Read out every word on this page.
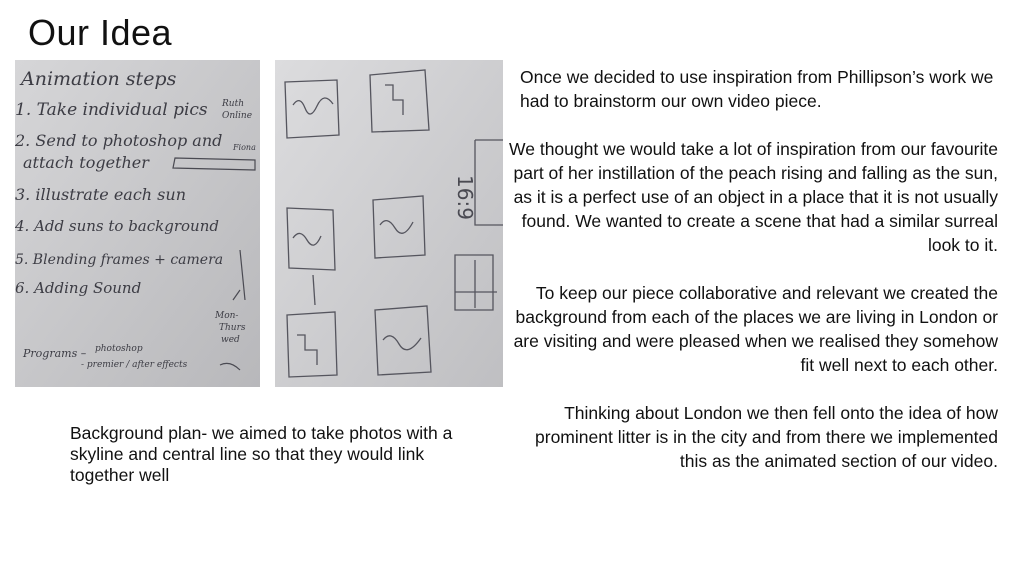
Our Idea
Animation steps
1. Take individual pics
2. Send to photoshop and
attach together
3. illustrate each sun
4. Add suns to background
5. Blending frames + camera
6. Adding Sound
Programs – photoshop
- premier / after effects
Ruth
Online
Fiona
Mon-
Thurs
wed
16:9
Background plan- we aimed to take photos with a skyline and central line so that they would link together well

Once we decided to use inspiration from Phillipson’s work we had to brainstorm our own video piece.

We thought we would take a lot of inspiration from our favourite part of her instillation of the peach rising and falling as the sun, as it is a perfect use of an object in a place that it is not usually found. We wanted to create a scene that had a similar surreal look to it.

To keep our piece collaborative and relevant we created the background from each of the places we are living in London or are visiting and were pleased when we realised they somehow fit well next to each other.

Thinking about London we then fell onto the idea of how prominent litter is in the city and from there we implemented this as the animated section of our video.
